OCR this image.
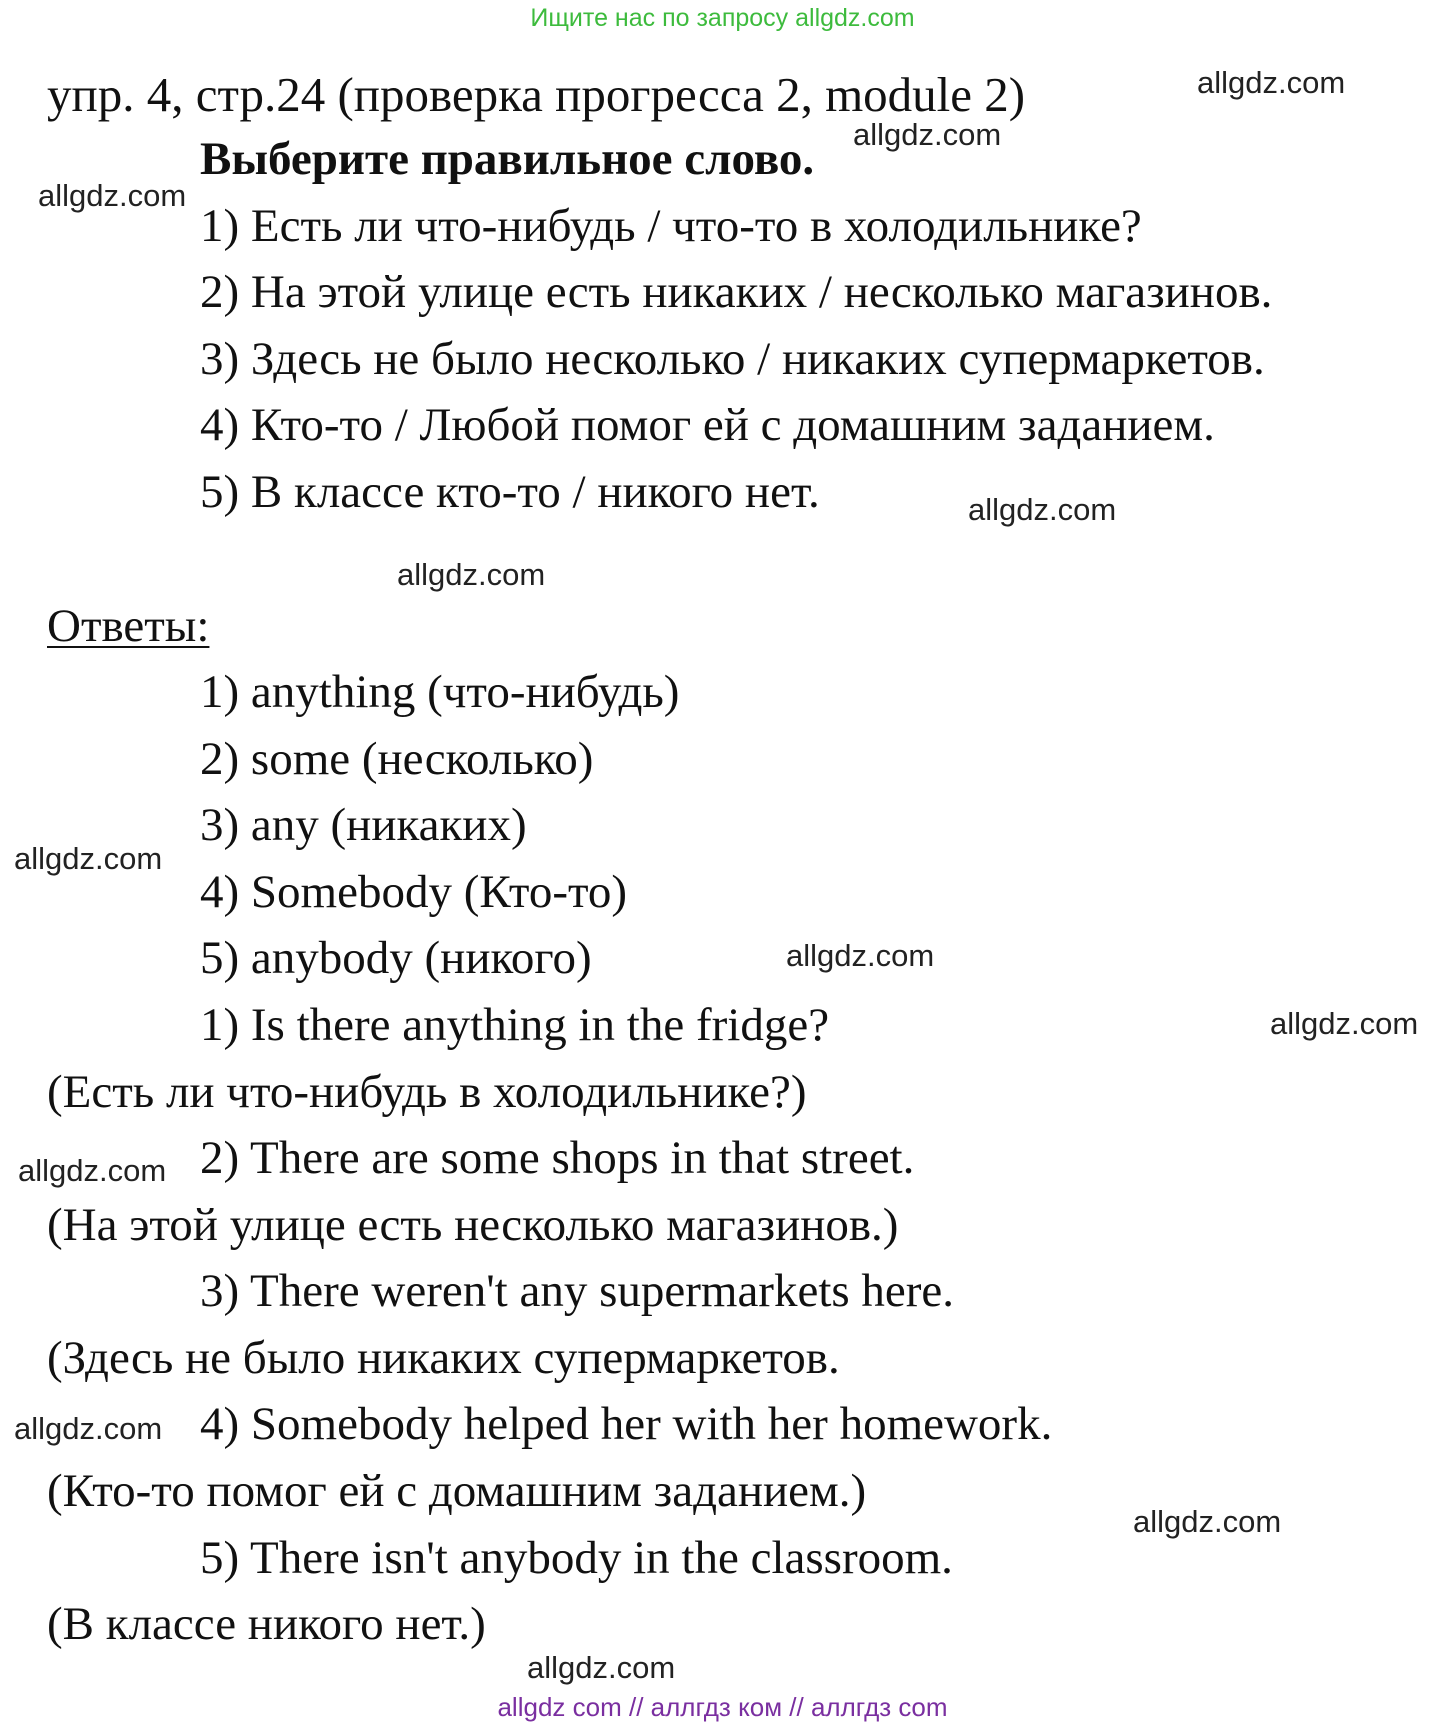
Ищите нас по запросу allgdz.com
упр. 4, стр.24 (проверка прогресса 2, module 2)
Выберите правильное слово.
1) Есть ли что-нибудь / что-то в холодильнике?
2) На этой улице есть никаких / несколько магазинов.
3) Здесь не было несколько / никаких супермаркетов.
4) Кто-то / Любой помог ей с домашним заданием.
5) В классе кто-то / никого нет.
Ответы:
1) anything (что-нибудь)
2) some (несколько)
3) any (никаких)
4) Somebody (Кто-то)
5) anybody (никого)
1) Is there anything in the fridge?
(Есть ли что-нибудь в холодильнике?)
2) There are some shops in that street.
(На этой улице есть несколько магазинов.)
3) There weren't any supermarkets here.
(Здесь не было никаких супермаркетов.
4) Somebody helped her with her homework.
(Кто-то помог ей с домашним заданием.)
5) There isn't anybody in the classroom.
(В классе никого нет.)
allgdz.com
allgdz.com
allgdz.com
allgdz.com
allgdz.com
allgdz.com
allgdz.com
allgdz.com
allgdz.com
allgdz.com
allgdz.com
allgdz.com
allgdz com // аллгдз ком // аллгдз com
